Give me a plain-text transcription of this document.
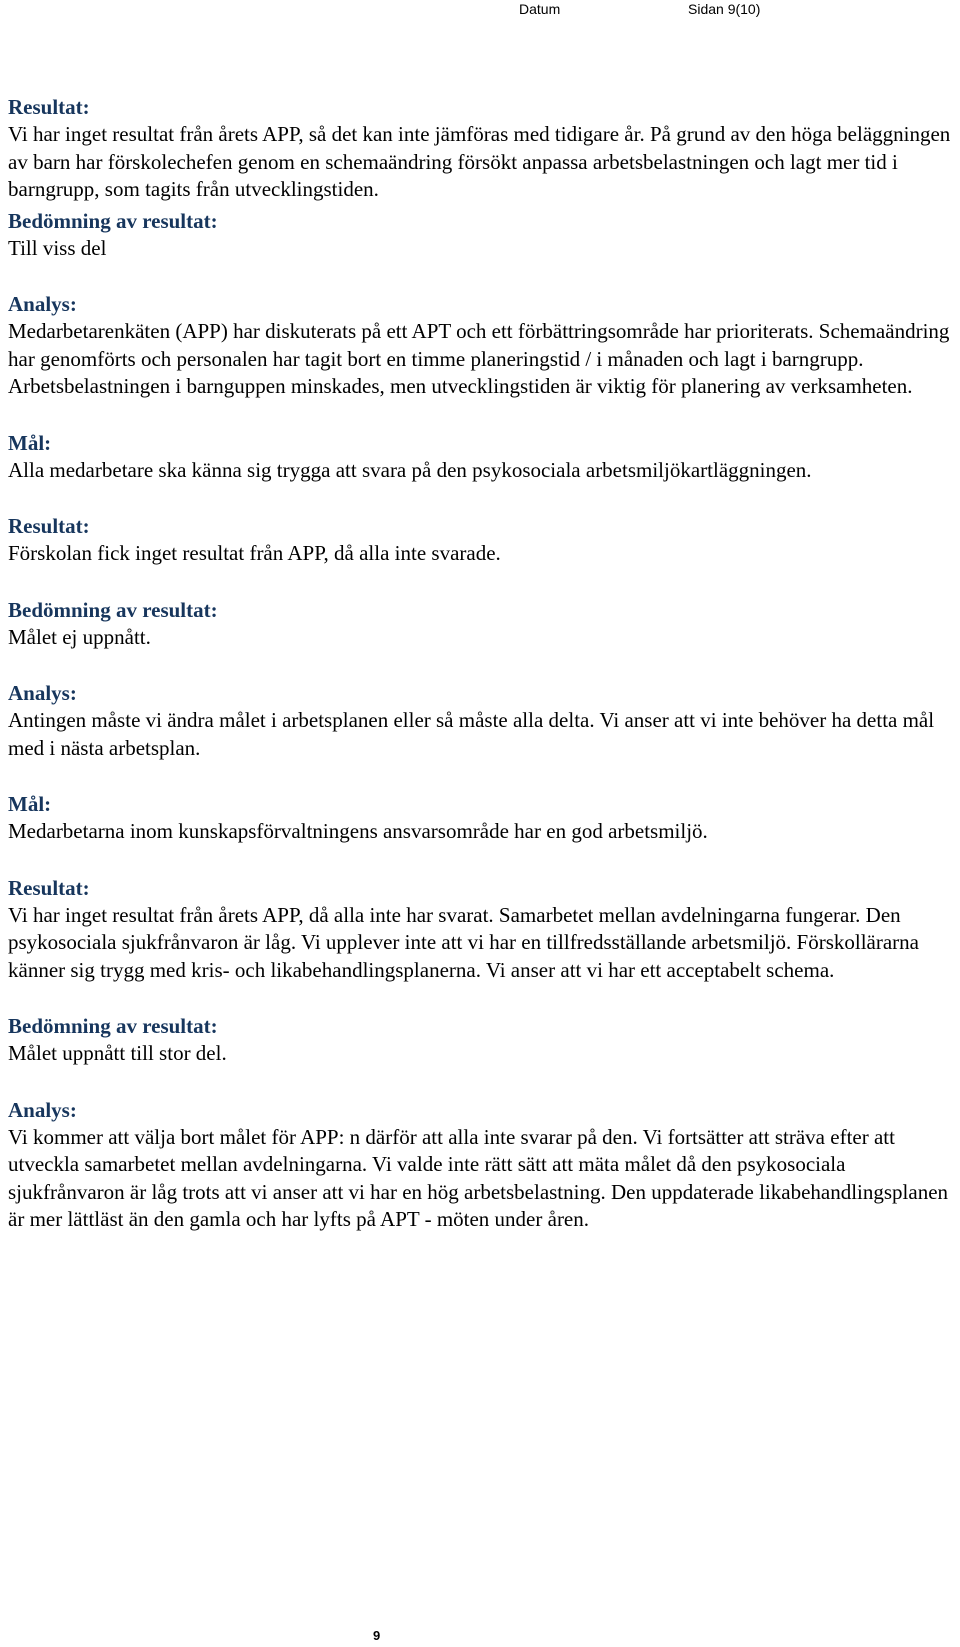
Datum	Sidan 9(10)
Resultat:

Vi har inget resultat från årets APP, så det kan inte jämföras med tidigare år. På grund av den höga beläggningen av barn har förskolechefen genom en schemaändring försökt anpassa arbetsbelastningen och lagt mer tid i barngrupp, som tagits från utvecklingstiden.

Bedömning av resultat:

Till viss del

Analys:

Medarbetarenkäten (APP) har diskuterats på ett APT och ett förbättringsområde har prioriterats. Schemaändring har genomförts och personalen har tagit bort en timme planeringstid / i månaden och lagt i barngrupp. Arbetsbelastningen i barnguppen minskades, men utvecklingstiden är viktig för planering av verksamheten.

Mål:

Alla medarbetare ska känna sig trygga att svara på den psykosociala arbetsmiljökartläggningen.

Resultat:

Förskolan fick inget resultat från APP, då alla inte svarade.

Bedömning av resultat:

Målet ej uppnått.

Analys:

Antingen måste vi ändra målet i arbetsplanen eller så måste alla delta. Vi anser att vi inte behöver ha detta mål med i nästa arbetsplan.

Mål:

Medarbetarna inom kunskapsförvaltningens ansvarsområde har en god arbetsmiljö.

Resultat:

Vi har inget resultat från årets APP, då alla inte har svarat. Samarbetet mellan avdelningarna fungerar. Den psykosociala sjukfrånvaron är låg. Vi upplever inte att vi har en tillfredsställande arbetsmiljö. Förskollärarna känner sig trygg med kris- och likabehandlingsplanerna. Vi anser att vi har ett acceptabelt schema.

Bedömning av resultat:

Målet uppnått till stor del.

Analys:

Vi kommer att välja bort målet för APP: n därför att alla inte svarar på den. Vi fortsätter att sträva efter att utveckla samarbetet mellan avdelningarna. Vi valde inte rätt sätt att mäta målet då den psykosociala sjukfrånvaron är låg trots att vi anser att vi har en hög arbetsbelastning. Den uppdaterade likabehandlingsplanen är mer lättläst än den gamla och har lyfts på APT - möten under åren.

9
